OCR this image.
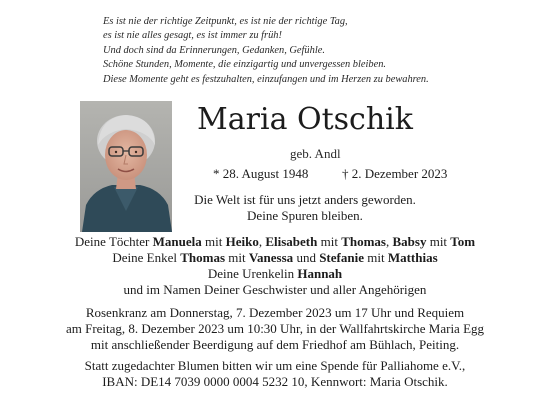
Es ist nie der richtige Zeitpunkt, es ist nie der richtige Tag,
es ist nie alles gesagt, es ist immer zu früh!
Und doch sind da Erinnerungen, Gedanken, Gefühle.
Schöne Stunden, Momente, die einzigartig und unvergessen bleiben.
Diese Momente geht es festzuhalten, einzufangen und im Herzen zu bewahren.
Maria Otschik
geb. Andl
* 28. August 1948	† 2. Dezember 2023
Die Welt ist für uns jetzt anders geworden.
Deine Spuren bleiben.
Deine Töchter Manuela mit Heiko, Elisabeth mit Thomas, Babsy mit Tom
Deine Enkel Thomas mit Vanessa und Stefanie mit Matthias
Deine Urenkelin Hannah
und im Namen Deiner Geschwister und aller Angehörigen
Rosenkranz am Donnerstag, 7. Dezember 2023 um 17 Uhr und Requiem
am Freitag, 8. Dezember 2023 um 10:30 Uhr, in der Wallfahrtskirche Maria Egg
mit anschließender Beerdigung auf dem Friedhof am Bühlach, Peiting.
Statt zugedachter Blumen bitten wir um eine Spende für Palliahome e.V.,
IBAN: DE14 7039 0000 0004 5232 10, Kennwort: Maria Otschik.
